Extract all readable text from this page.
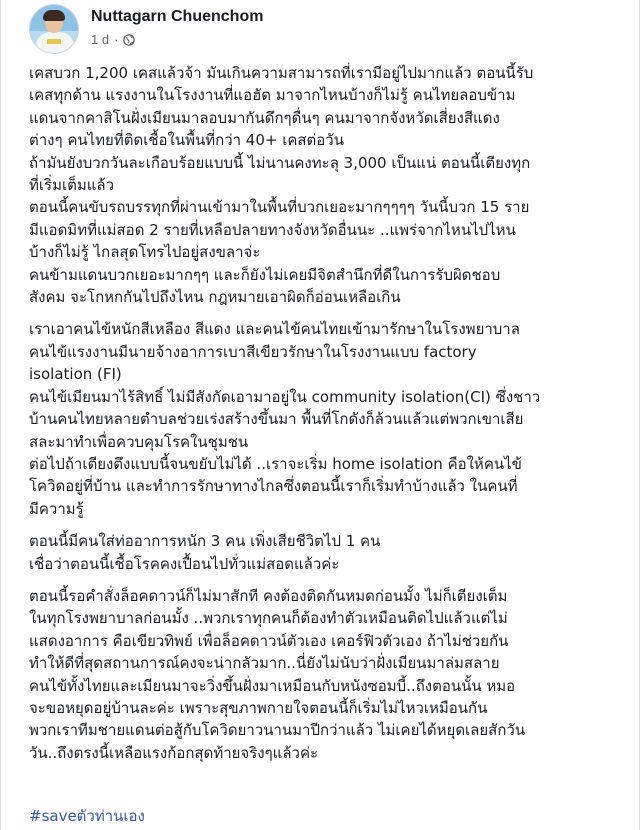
Nuttagarn Chuenchom
1 d ·

เคสบวก 1,200 เคสแล้วจ้า มันเกินความสามารถที่เรามีอยู่ไปมากแล้ว ตอนนี้รับ
เคสทุกด้าน แรงงานในโรงงานที่แอฮัด มาจากไหนบ้างก็ไม่รู้ คนไทยลอบข้าม
แดนจากคาสิโนฝั่งเมียนมาลอบมากันดึกๆดื่นๆ คนมาจากจังหวัดเสี่ยงสีแดง
ต่างๆ คนไทยที่ติดเชื้อในพื้นที่กว่า 40+ เคสต่อวัน
ถ้ามันยังบวกวันละเกือบร้อยแบบนี้ ไม่นานคงทะลุ 3,000 เป็นแน่ ตอนนี้เตียงทุก
ที่เริ่มเต็มแล้ว
ตอนนี้คนขับรถบรรทุกที่ผ่านเข้ามาในพื้นที่บวกเยอะมากๆๆๆๆ วันนี้บวก 15 ราย
มีแอดมิทที่แม่สอด 2 รายที่เหลือปลายทางจังหวัดอื่นนะ ..แพร่จากไหนไปไหน
บ้างก็ไม่รู้ ไกลสุดโทรไปอยู่สงขลาจ่ะ
คนข้ามแดนบวกเยอะมากๆๆ และก็ยังไม่เคยมีจิตสำนึกที่ดีในการรับผิดชอบ
สังคม จะโกหกกันไปถึงไหน กฎหมายเอาผิดก็อ่อนเหลือเกิน

เราเอาคนไข้หนักสีเหลือง สีแดง และคนไข้คนไทยเข้ามารักษาในโรงพยาบาล
คนไข้แรงงานมีนายจ้างอาการเบาสีเขียวรักษาในโรงงานแบบ factory
isolation (FI)
คนไข้เมียนมาไร้สิทธิ์ ไม่มีสังกัดเอามาอยู่ใน community isolation(CI) ซึ่งชาว
บ้านคนไทยหลายตำบลช่วยเร่งสร้างขึ้นมา พื้นที่โกดังก็ล้วนแล้วแต่พวกเขาเสีย
สละมาทำเพื่อควบคุมโรคในชุมชน
ต่อไปถ้าเตียงตึงแบบนี้จนขยับไม่ได้ ..เราจะเริ่ม home isolation คือให้คนไข้
โควิดอยู่ที่บ้าน และทำการรักษาทางไกลซึ่งตอนนี้เราก็เริ่มทำบ้างแล้ว ในคนที่
มีความรู้

ตอนนี้มีคนใส่ท่ออาการหนัก 3 คน เพิ่งเสียชีวิตไป 1 คน
เชื่อว่าตอนนี้เชื้อโรคคงเปื้อนไปทั่วแม่สอดแล้วค่ะ

ตอนนี้รอคำสั่งล็อคดาวน์ก็ไม่มาสักที คงต้องติดกันหมดก่อนมั้ง ไม่ก็เตียงเต็ม
ในทุกโรงพยาบาลก่อนมั้ง ..พวกเราทุกคนก็ต้องทำตัวเหมือนติดไปแล้วแต่ไม่
แสดงอาการ คือเขียวทิพย์ เพื่อล็อคดาวน์ตัวเอง เคอร์ฟิวตัวเอง ถ้าไม่ช่วยกัน
ทำให้ดีที่สุดสถานการณ์คงจะน่ากลัวมาก..นี่ยังไม่นับว่าฝั่งเมียนมาล่มสลาย
คนไข้ทั้งไทยและเมียนมาจะวิ่งขึ้นฝั่งมาเหมือนกับหนังซอมบี้..ถึงตอนนั้น หมอ
จะขอหยุดอยู่บ้านละค่ะ เพราะสุขภาพกายใจตอนนี้ก็เริ่มไม่ไหวเหมือนกัน
พวกเราทีมชายแดนต่อสู้กับโควิดยาวนานมาปีกว่าแล้ว ไม่เคยได้หยุดเลยสักวัน
วัน..ถึงตรงนี้เหลือแรงก้อกสุดท้ายจริงๆแล้วค่ะ

#saveตัวท่านเอง
